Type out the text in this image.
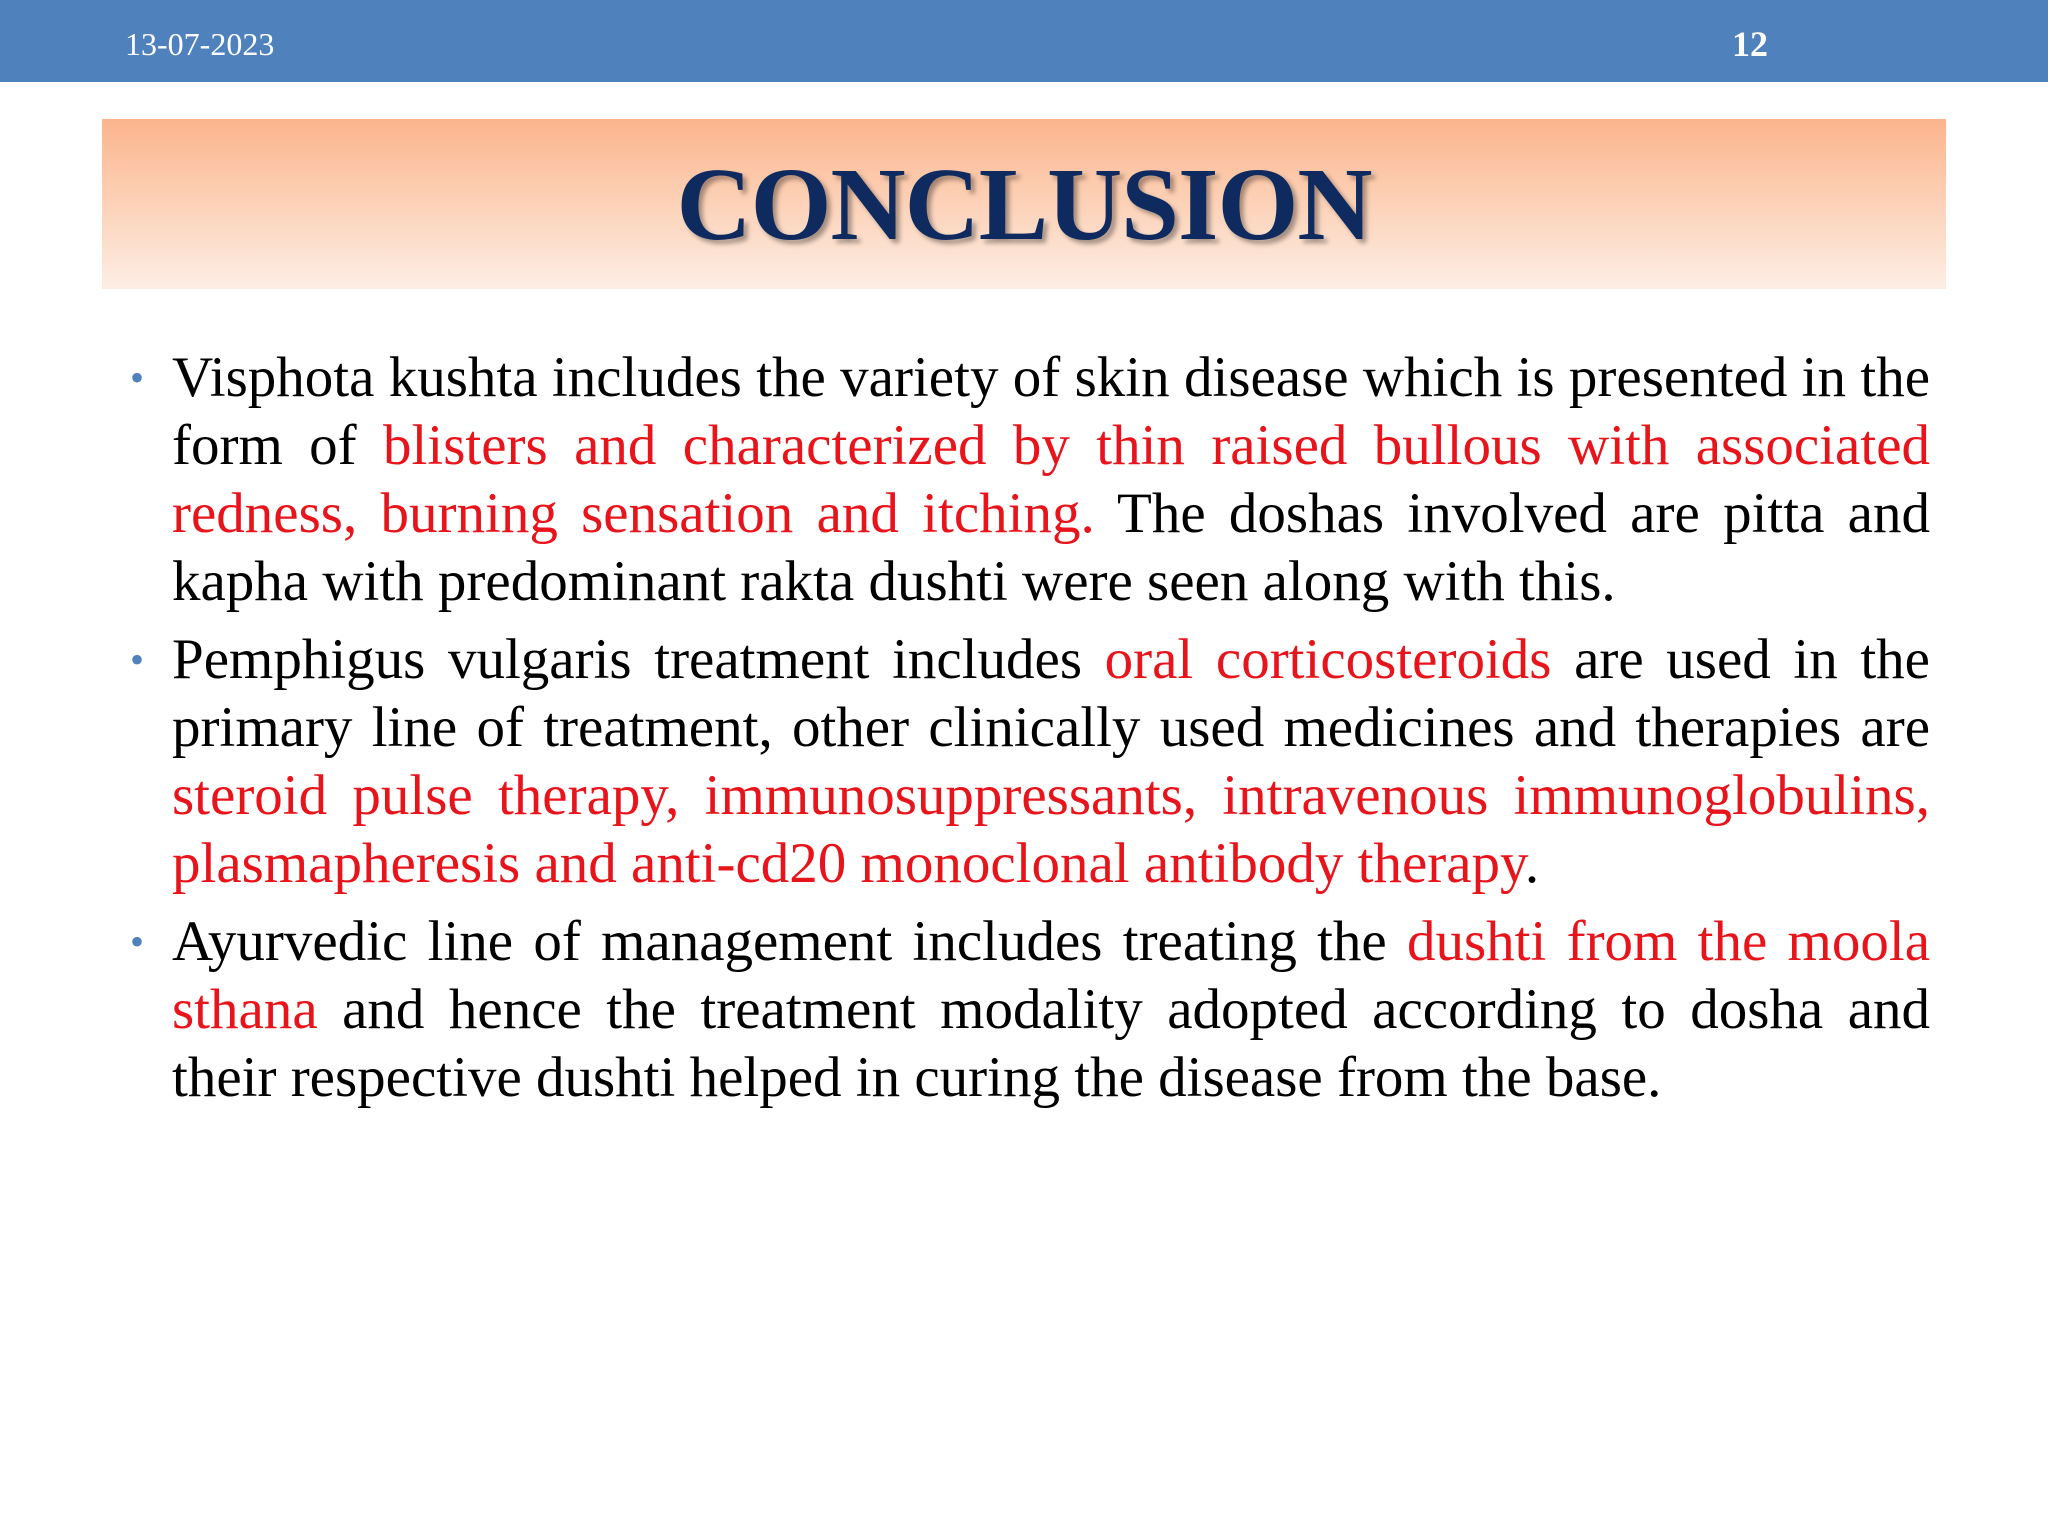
13-07-2023	12
CONCLUSION
• Visphota kushta includes the variety of skin disease which is presented in the form of blisters and characterized by thin raised bullous with associated redness, burning sensation and itching. The doshas involved are pitta and kapha with predominant rakta dushti were seen along with this.
• Pemphigus vulgaris treatment includes oral corticosteroids are used in the primary line of treatment, other clinically used medicines and therapies are steroid pulse therapy, immunosuppressants, intravenous immunoglobulins, plasmapheresis and anti-cd20 monoclonal antibody therapy.
• Ayurvedic line of management includes treating the dushti from the moola sthana and hence the treatment modality adopted according to dosha and their respective dushti helped in curing the disease from the base.
